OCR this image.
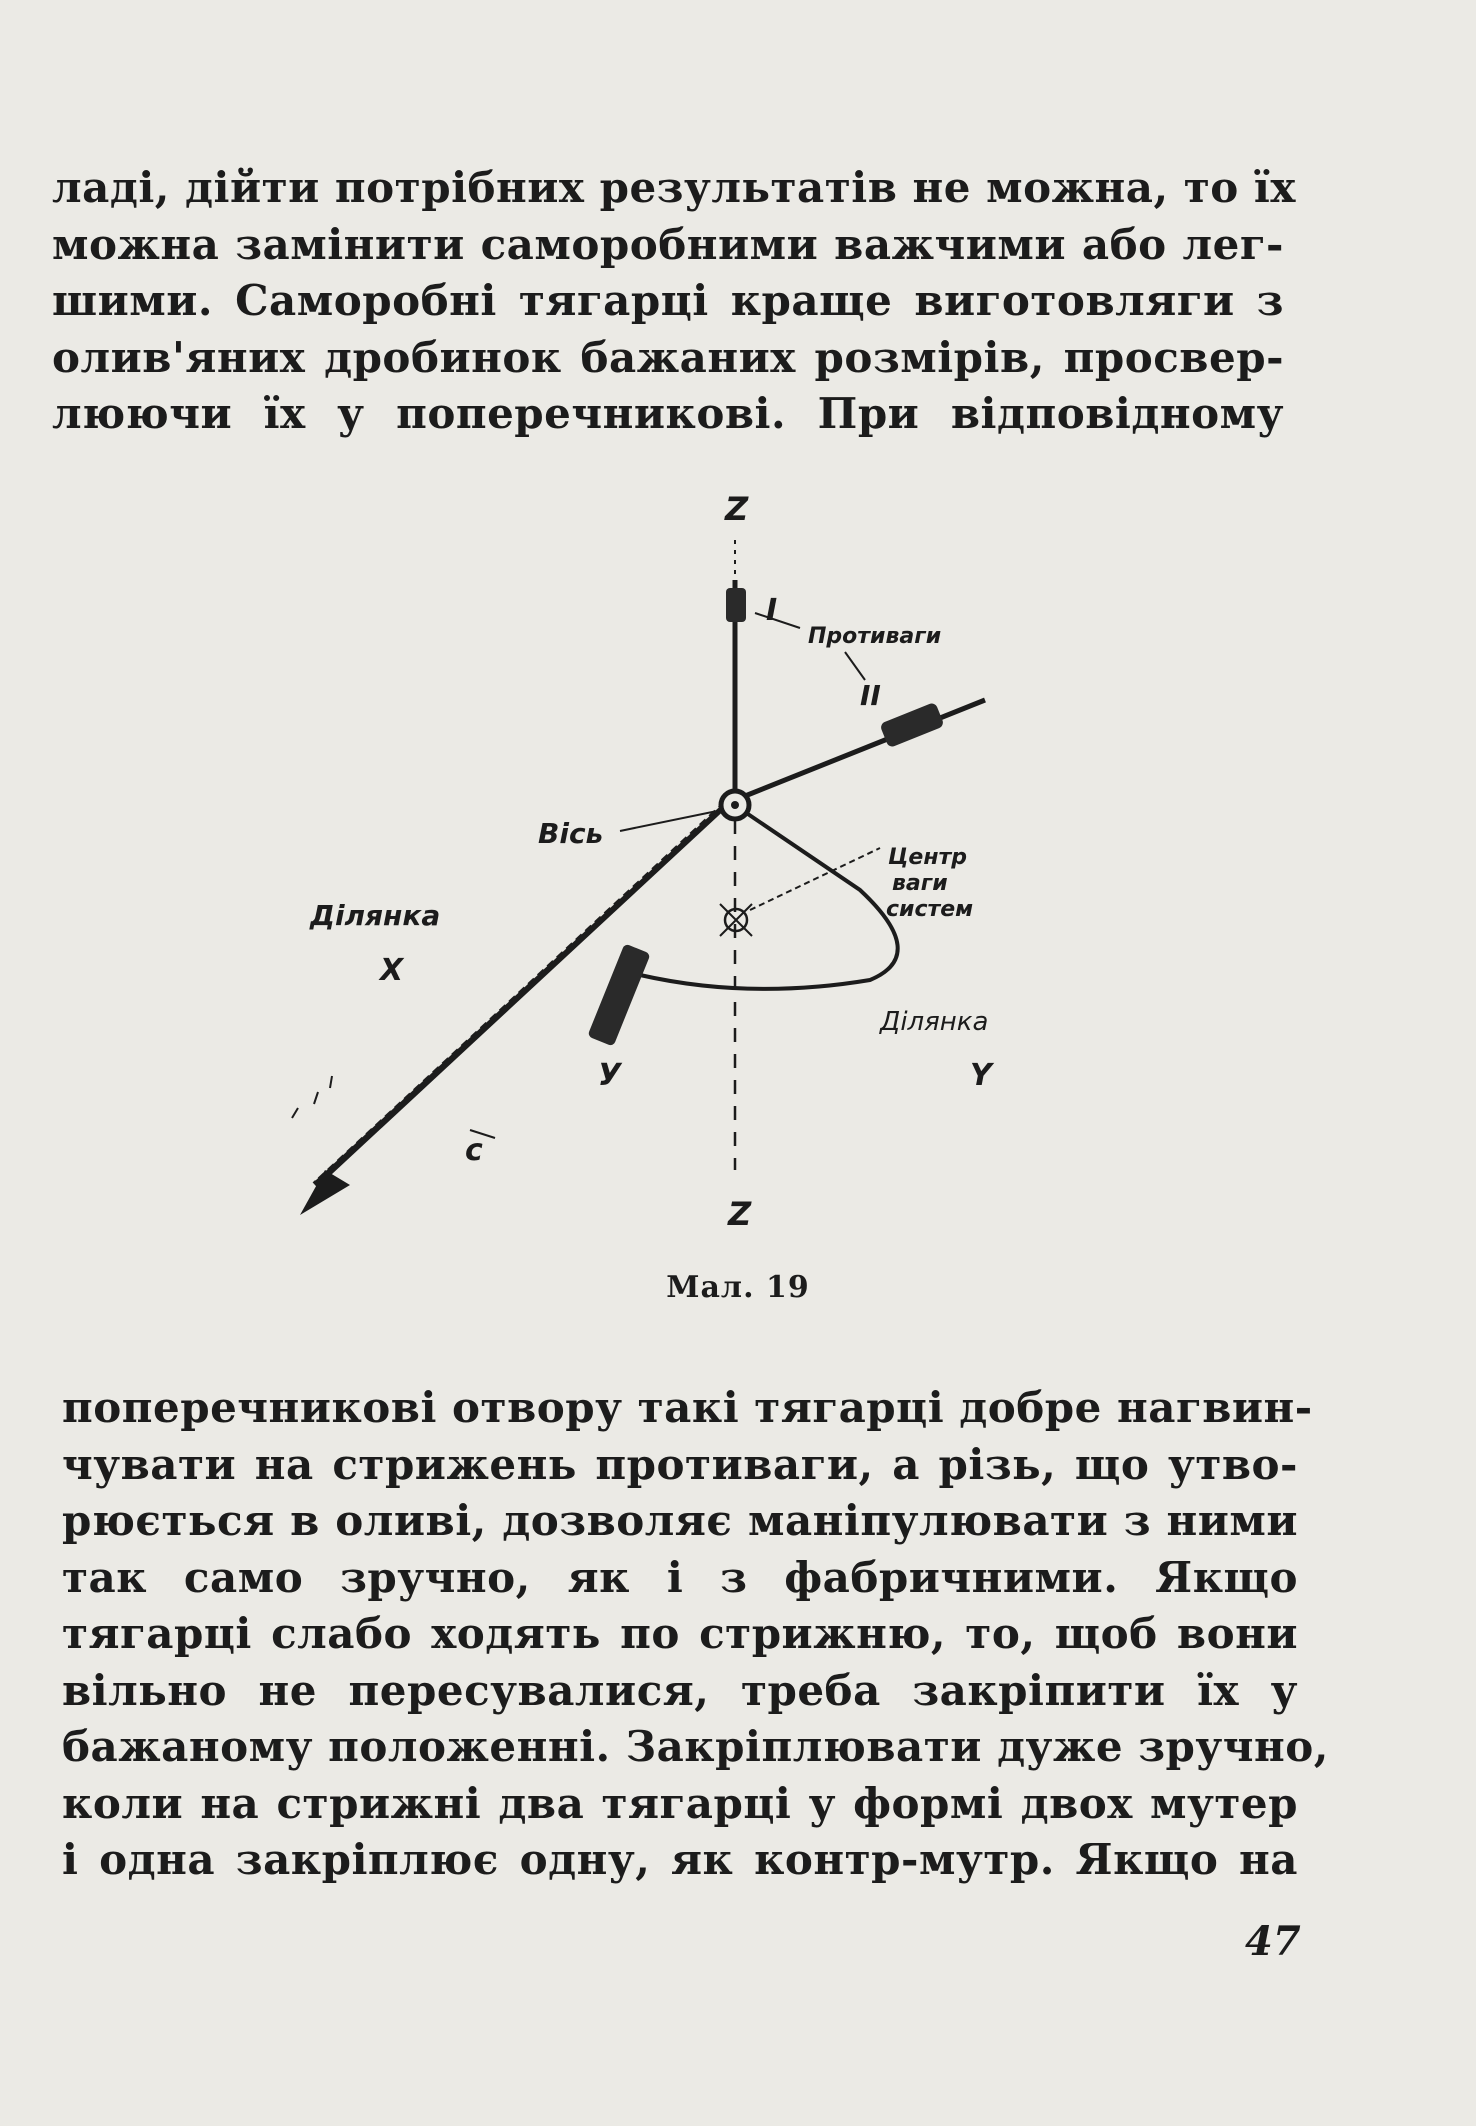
ладі, дійти потрібних результатів не можна, то їх
можна замінити саморобними важчими або лег-
шими. Саморобні тягарці краще виготовляги з
олив'яних дробинок бажаних розмірів, просвер-
люючи їх у поперечникові. При відповідному
Z
Z
I
II
Противаги
Вісь
Центр
ваги
систем
Ділянка
X
Ділянка
Y
У
с
Мал. 19
поперечникові отвору такі тягарці добре нагвин-
чувати на стрижень противаги, а різь, що утво-
рюється в оливі, дозволяє маніпулювати з ними
так само зручно, як і з фабричними. Якщо
тягарці слабо ходять по стрижню, то, щоб вони
вільно не пересувалися, треба закріпити їх у
бажаному положенні. Закріплювати дуже зручно,
коли на стрижні два тягарці у формі двох мутер
і одна закріплює одну, як контр-мутр. Якщо на
47
